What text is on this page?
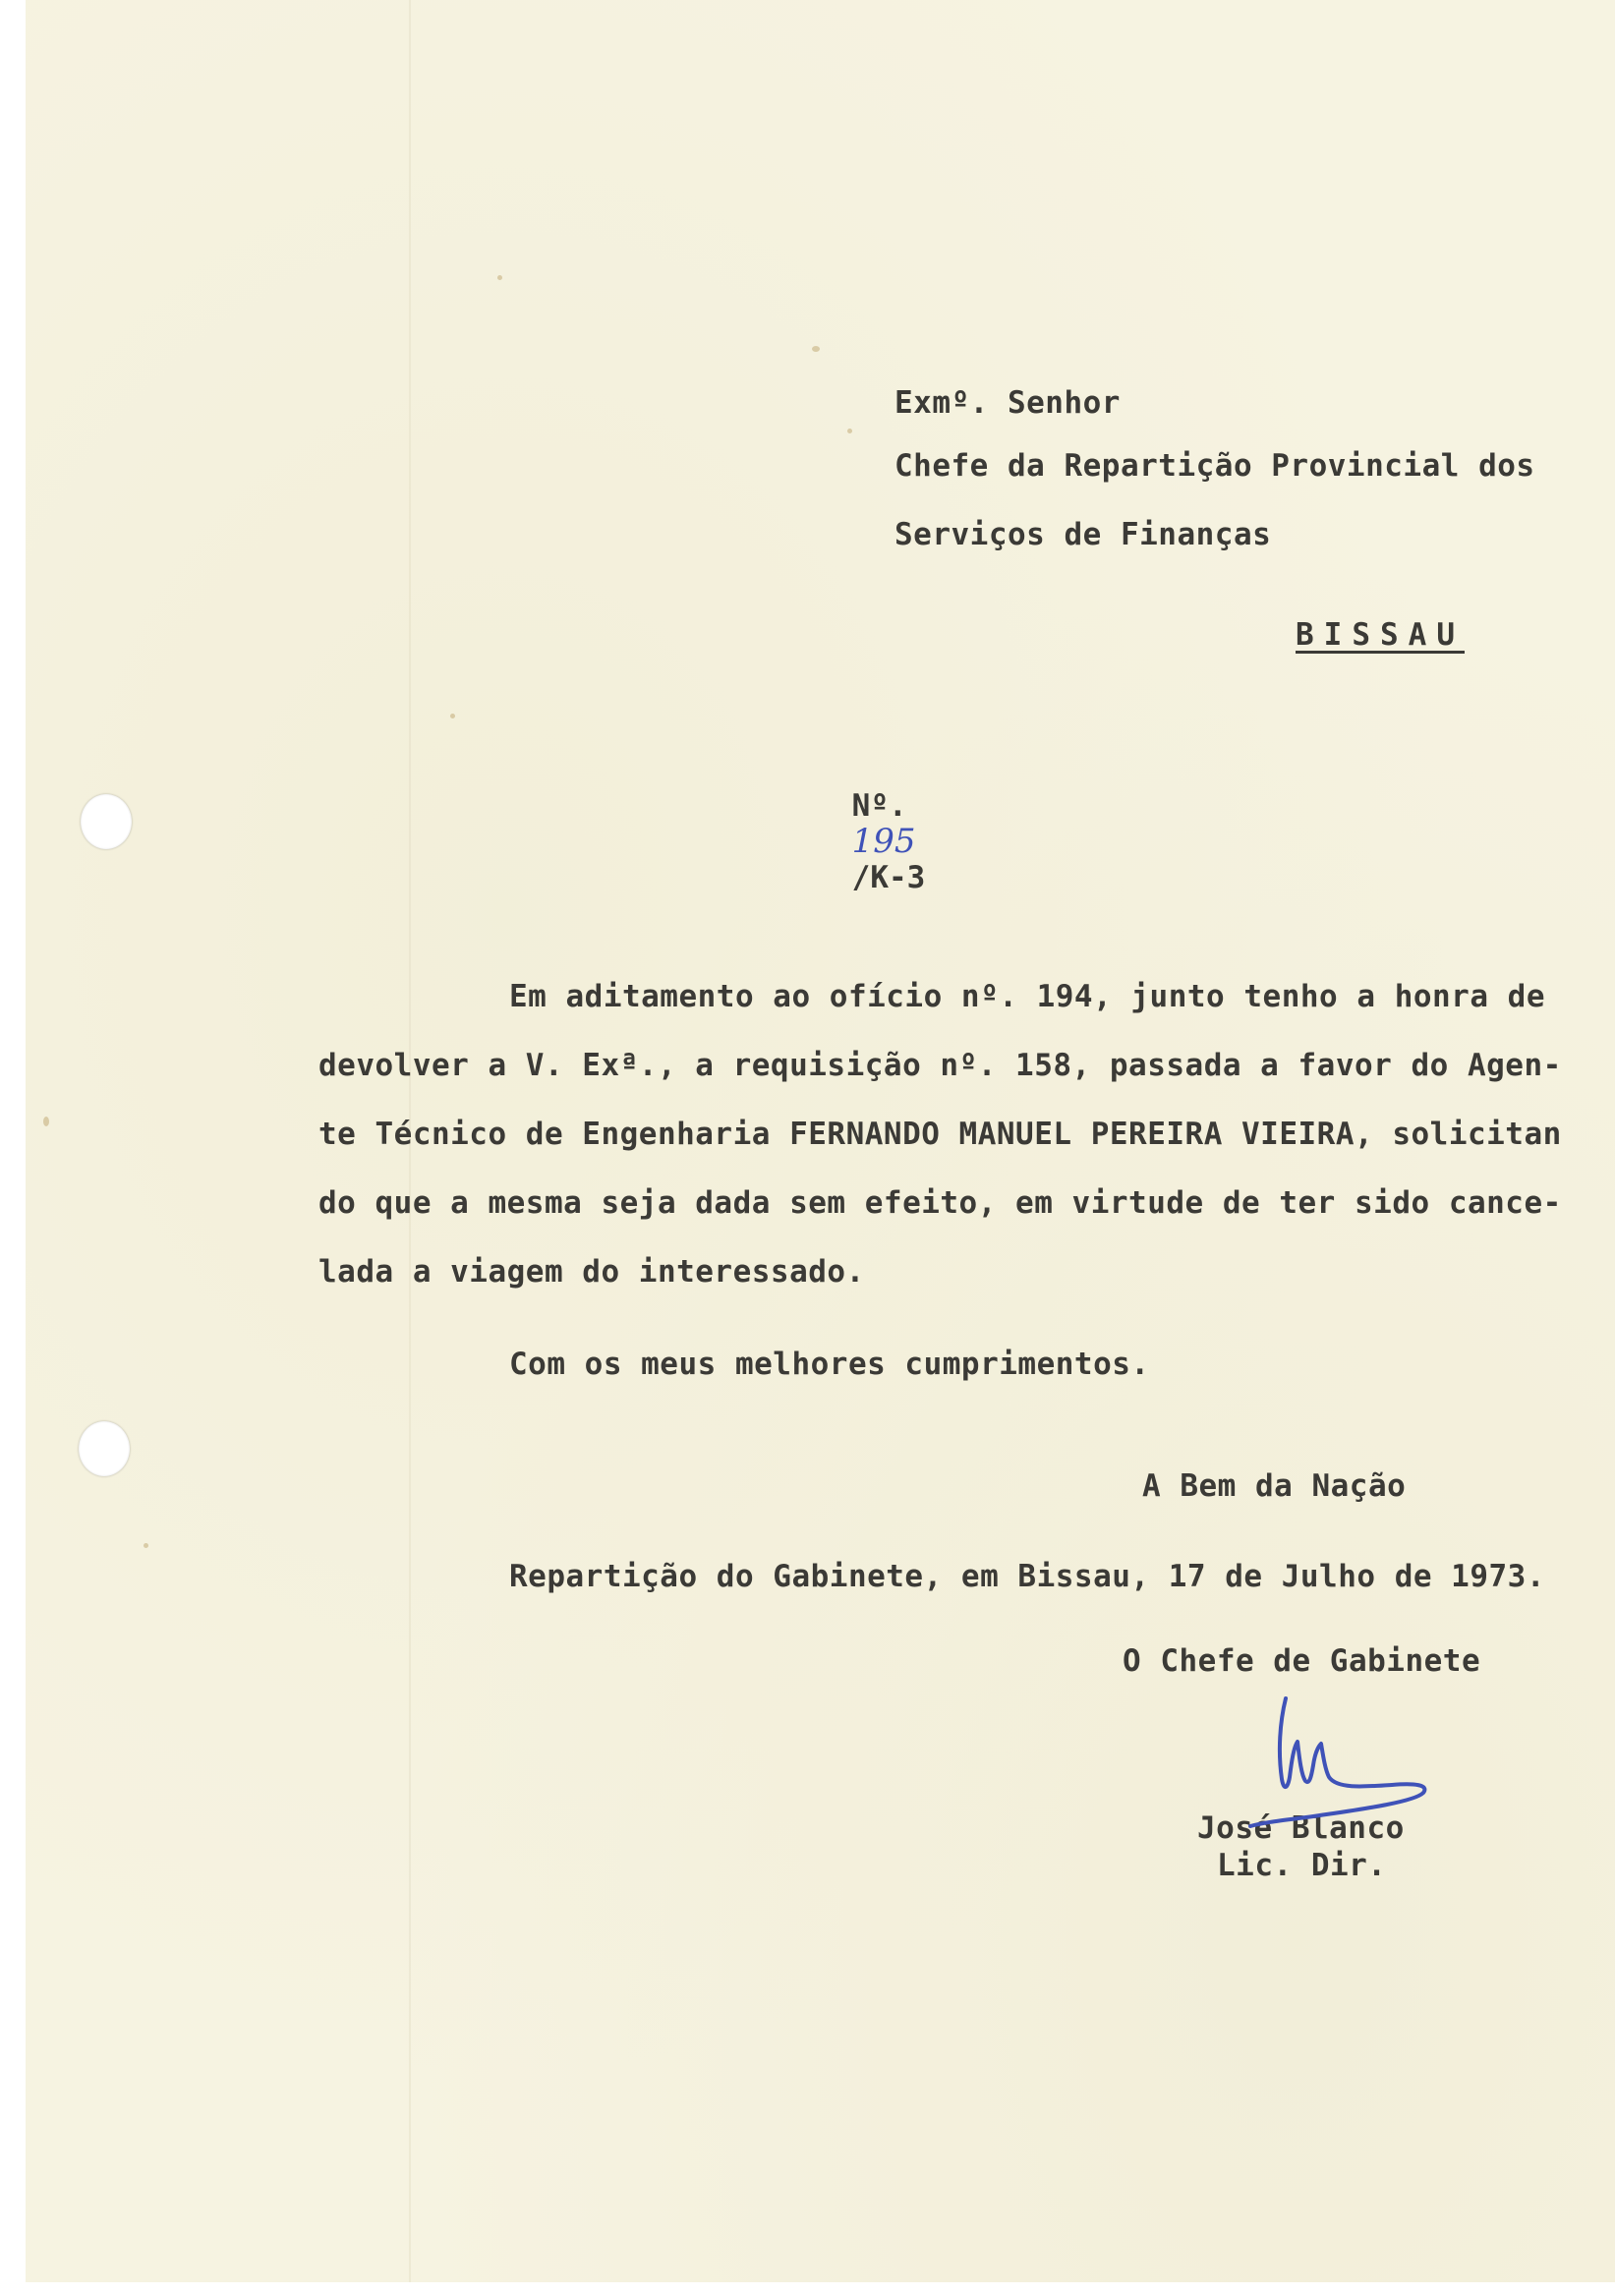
Exmº. Senhor

Chefe da Repartição Provincial dos

Serviços de Finanças

BISSAU

Nº.
195
/K-3

Em aditamento ao ofício nº. 194, junto tenho a honra de

devolver a V. Exª., a requisição nº. 158, passada a favor do Agen-

te Técnico de Engenharia FERNANDO MANUEL PEREIRA VIEIRA, solicitan

do que a mesma seja dada sem efeito, em virtude de ter sido cance-

lada a viagem do interessado.

Com os meus melhores cumprimentos.

A Bem da Nação

Repartição do Gabinete, em Bissau, 17 de Julho de 1973.

O Chefe de Gabinete

José Blanco

Lic. Dir.
